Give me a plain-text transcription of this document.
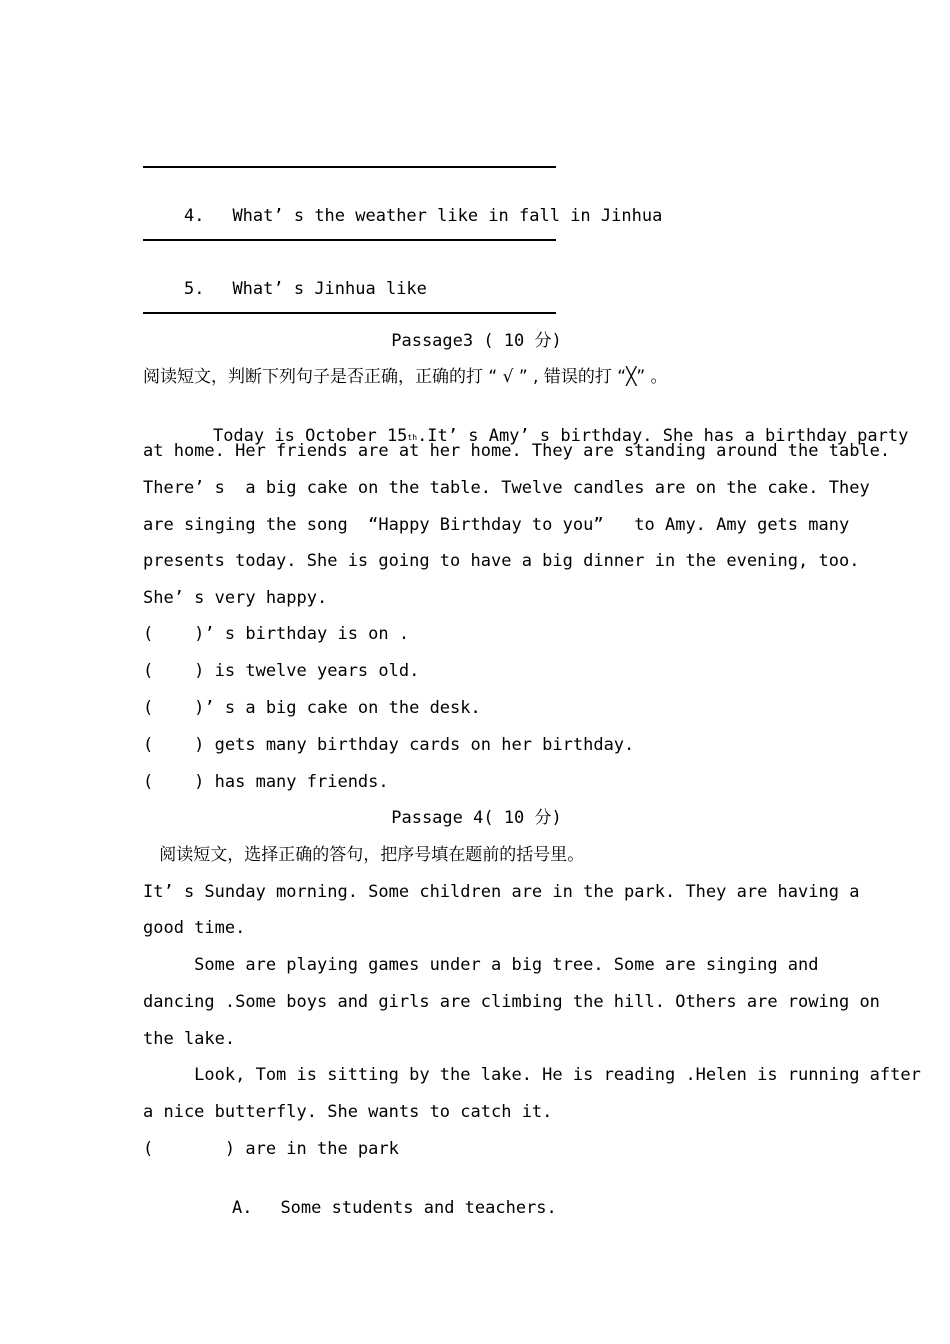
4. What’ s the weather like in fall in Jinhua

5. What’ s Jinhua like

Passage3 ( 10 分)
阅读短文，判断下列句子是否正确，正确的打 “ √ ” , 错误的打 “╳” 。

Today is October 15th.It’ s Amy’ s birthday. She has a birthday party

at home. Her friends are at her home. They are standing around the table.
There’ s  a big cake on the table. Twelve candles are on the cake. They
are singing the song  “Happy Birthday to you”   to Amy. Amy gets many
presents today. She is going to have a big dinner in the evening, too.
She’ s very happy.
(    )’ s birthday is on .
(    ) is twelve years old.
(    )’ s a big cake on the desk.
(    ) gets many birthday cards on her birthday.
(    ) has many friends.
Passage 4( 10 分)
阅读短文，选择正确的答句，把序号填在题前的括号里。
It’ s Sunday morning. Some children are in the park. They are having a
good time.
Some are playing games under a big tree. Some are singing and
dancing .Some boys and girls are climbing the hill. Others are rowing on
the lake.
Look, Tom is sitting by the lake. He is reading .Helen is running after
a nice butterfly. She wants to catch it.
(       ) are in the park

A. Some students and teachers.
